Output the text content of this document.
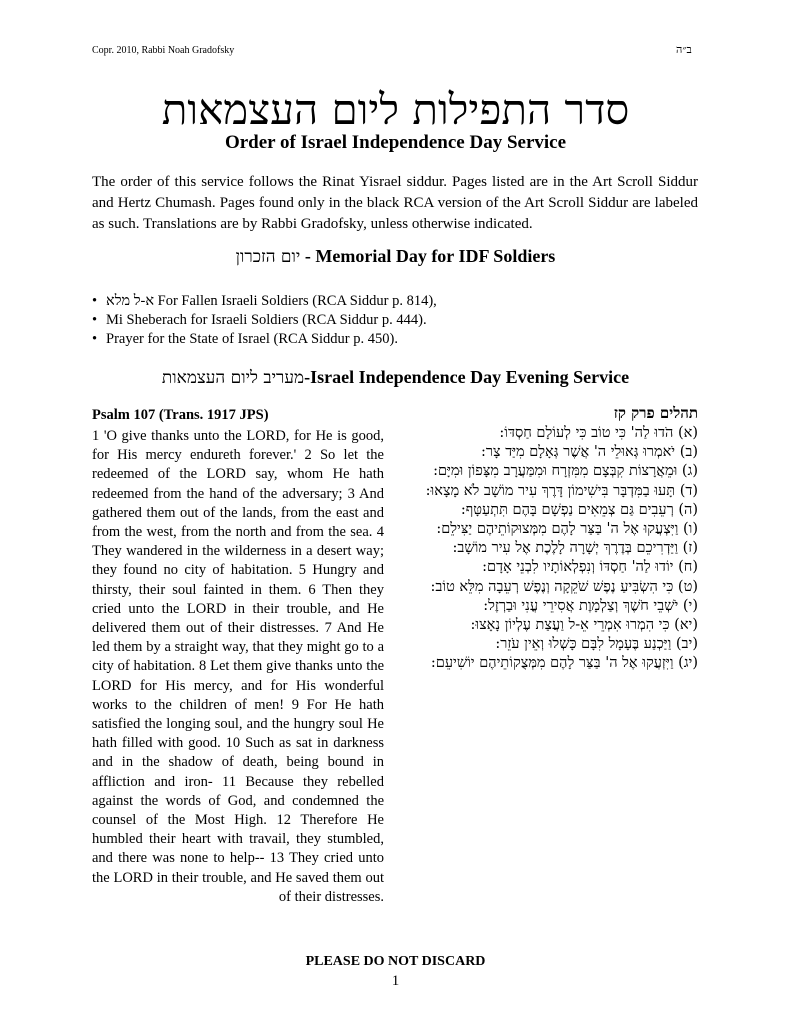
Copr. 2010, Rabbi Noah Gradofsky	ב״ה
סדר התפילות ליום העצמאות
Order of Israel Independence Day Service
The order of this service follows the Rinat Yisrael siddur. Pages listed are in the Art Scroll Siddur and Hertz Chumash. Pages found only in the black RCA version of the Art Scroll Siddur are labeled as such. Translations are by Rabbi Gradofsky, unless otherwise indicated.
יום הזכרון - Memorial Day for IDF Soldiers
• א-ל מלא For Fallen Israeli Soldiers (RCA Siddur p. 814),
• Mi Sheberach for Israeli Soldiers (RCA Siddur p. 444).
• Prayer for the State of Israel (RCA Siddur p. 450).
מעריב ליום העצמאות-Israel Independence Day Evening Service
Psalm 107 (Trans. 1917 JPS)
1 'O give thanks unto the LORD, for He is good, for His mercy endureth forever.' 2 So let the redeemed of the LORD say, whom He hath redeemed from the hand of the adversary; 3 And gathered them out of the lands, from the east and from the west, from the north and from the sea. 4 They wandered in the wilderness in a desert way; they found no city of habitation. 5 Hungry and thirsty, their soul fainted in them. 6 Then they cried unto the LORD in their trouble, and He delivered them out of their distresses. 7 And He led them by a straight way, that they might go to a city of habitation. 8 Let them give thanks unto the LORD for His mercy, and for His wonderful works to the children of men! 9 For He hath satisfied the longing soul, and the hungry soul He hath filled with good. 10 Such as sat in darkness and in the shadow of death, being bound in affliction and iron- 11 Because they rebelled against the words of God, and condemned the counsel of the Most High. 12 Therefore He humbled their heart with travail, they stumbled, and there was none to help-- 13 They cried unto the LORD in their trouble, and He saved them out of their distresses.
תהלים פרק קז

(א) הֹדוּ לַה' כִּי טוֹב כִּי לְעוֹלָם חַסְדּוֹ:

(ב) יֹאמְרוּ גְּאוּלֵי ה' אֲשֶׁר גְּאָלָם מִיַּד צָר:

(ג) וּמֵאֲרָצוֹת קִבְּצָם מִמִּזְרָח וּמִמַּעֲרָב מִצָּפוֹן וּמִיָּם:

(ד) תָּעוּ בַמִּדְבָּר בִּישִׁימוֹן דָּרֶךְ עִיר מוֹשָׁב לֹא מָצָאוּ:

(ה) רְעֵבִים גַּם צְמֵאִים נַפְשָׁם בָּהֶם תִּתְעַטָּף:

(ו) וַיִּצְעֲקוּ אֶל ה' בַּצַּר לָהֶם מִמְּצוּקוֹתֵיהֶם יַצִּילֵם:

(ז) וַיַּדְרִיכֵם בְּדֶרֶךְ יְשָׁרָה לָלֶכֶת אֶל עִיר מוֹשָׁב:

(ח) יוֹדוּ לַה' חַסְדּוֹ וְנִפְלְאוֹתָיו לִבְנֵי אָדָם:

(ט) כִּי הִשְׂבִּיעַ נֶפֶשׁ שֹׁקֵקָה וְנֶפֶשׁ רְעֵבָה מִלֵּא טוֹב:

(י) יֹשְׁבֵי חֹשֶׁךְ וְצַלְמָוֶת אֲסִירֵי עֳנִי וּבַרְזֶל:

(יא) כִּי הִמְרוּ אִמְרֵי אֵ-ל וַעֲצַת עֶלְיוֹן נָאָצוּ:

(יב) וַיַּכְנַע בֶּעָמָל לִבָּם כָּשְׁלוּ וְאֵין עֹזֵר:

(יג) וַיִּזְעֲקוּ אֶל ה' בַּצַּר לָהֶם מִמְּצֻקוֹתֵיהֶם יוֹשִׁיעֵם:

PLEASE DO NOT DISCARD
1
